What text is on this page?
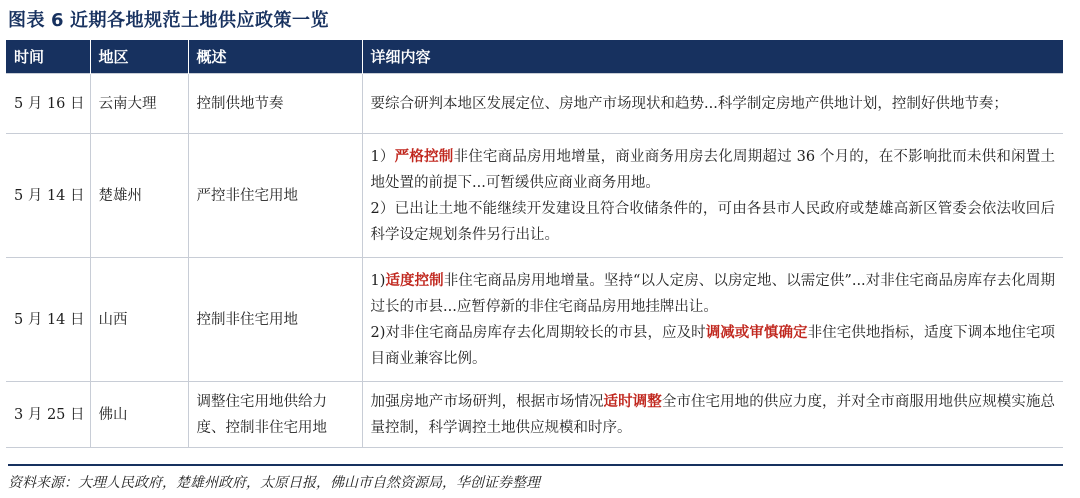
图表 6 近期各地规范土地供应政策一览
时间	地区	概述	详细内容
5 月 16 日	云南大理	控制供地节奏	要综合研判本地区发展定位、房地产市场现状和趋势...科学制定房地产供地计划，控制好供地节奏；

5 月 14 日	楚雄州	严控非住宅用地	1）严格控制非住宅商品房用地增量，商业商务用房去化周期超过 36 个月的，在不影响批而未供和闲置土地处置的前提下...可暂缓供应商业商务用地。
2）已出让土地不能继续开发建设且符合收储条件的，可由各县市人民政府或楚雄高新区管委会依法收回后科学设定规划条件另行出让。

5 月 14 日	山西	控制非住宅用地	1)适度控制非住宅商品房用地增量。坚持“以人定房、以房定地、以需定供”...对非住宅商品房库存去化周期过长的市县...应暂停新的非住宅商品房用地挂牌出让。
2)对非住宅商品房库存去化周期较长的市县，应及时调减或审慎确定非住宅供地指标，适度下调本地住宅项目商业兼容比例。

3 月 25 日	佛山	调整住宅用地供给力度、控制非住宅用地	加强房地产市场研判，根据市场情况适时调整全市住宅用地的供应力度，并对全市商服用地供应规模实施总量控制，科学调控土地供应规模和时序。
资料来源：大理人民政府，楚雄州政府，太原日报，佛山市自然资源局，华创证券整理
